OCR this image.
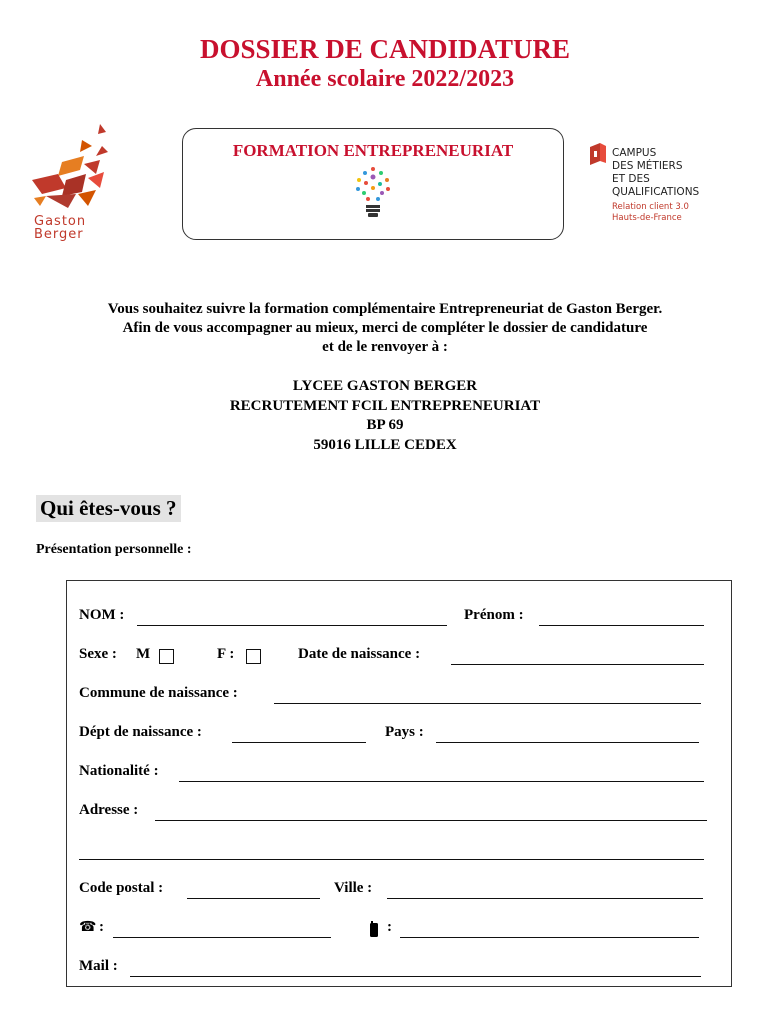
DOSSIER DE CANDIDATURE
Année scolaire 2022/2023
Gaston
Berger
FORMATION ENTREPRENEURIAT	CAMPUS
DES MÉTIERS
ET DES
QUALIFICATIONS
Relation client 3.0
Hauts-de-France
Vous souhaitez suivre la formation complémentaire Entrepreneuriat de Gaston Berger.
Afin de vous accompagner au mieux, merci de compléter le dossier de candidature
et de le renvoyer à :
LYCEE GASTON BERGER
RECRUTEMENT FCIL ENTREPRENEURIAT
BP 69
59016 LILLE CEDEX
Qui êtes-vous ?
Présentation personnelle :
NOM :	Prénom :
Sexe : M	F :	Date de naissance :
Commune de naissance :
Dépt de naissance :	Pays :
Nationalité :
Adresse :
Code postal :	Ville :
☎ :	:
Mail :
